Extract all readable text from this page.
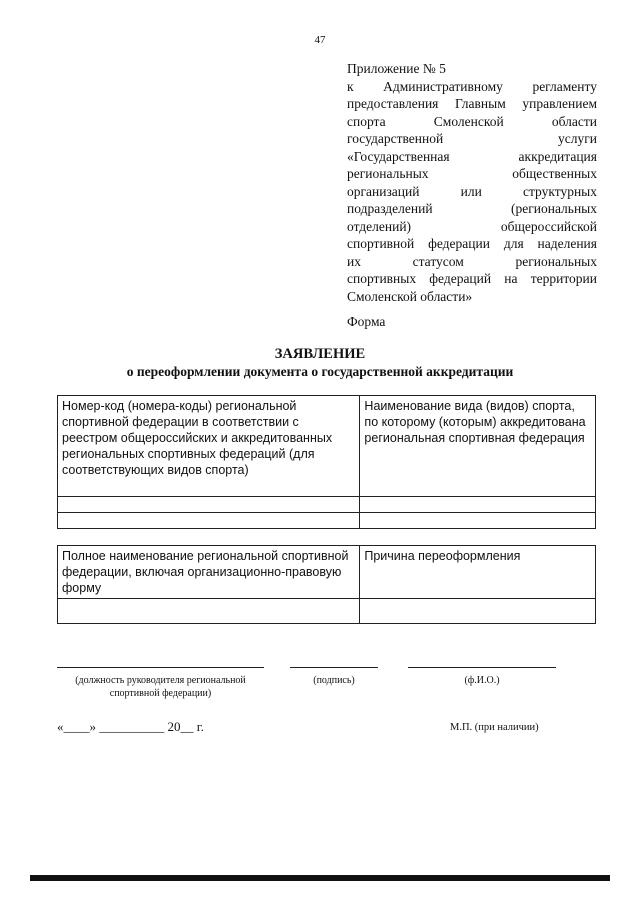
47
Приложение № 5
к Административному регламенту
предоставления Главным управлением
спорта Смоленской области
государственной услуги
«Государственная аккредитация
региональных общественных
организаций или структурных
подразделений (региональных
отделений) общероссийской
спортивной федерации для наделения
их статусом региональных
спортивных федераций на территории
Смоленской области»
Форма
ЗАЯВЛЕНИЕ
о переоформлении документа о государственной аккредитации
Номер-код (номера-коды) региональной спортивной федерации в соответствии с реестром общероссийских и аккредитованных региональных спортивных федераций (для соответствующих видов спорта)	Наименование вида (видов) спорта, по которому (которым) аккредитована региональная спортивная федерация

Полное наименование региональной спортивной федерации, включая организационно-правовую форму	Причина переоформления

(должность руководителя региональной спортивной федерации)
(подпись)	(ф.И.О.)
«____» __________ 20__ г.	М.П. (при наличии)
